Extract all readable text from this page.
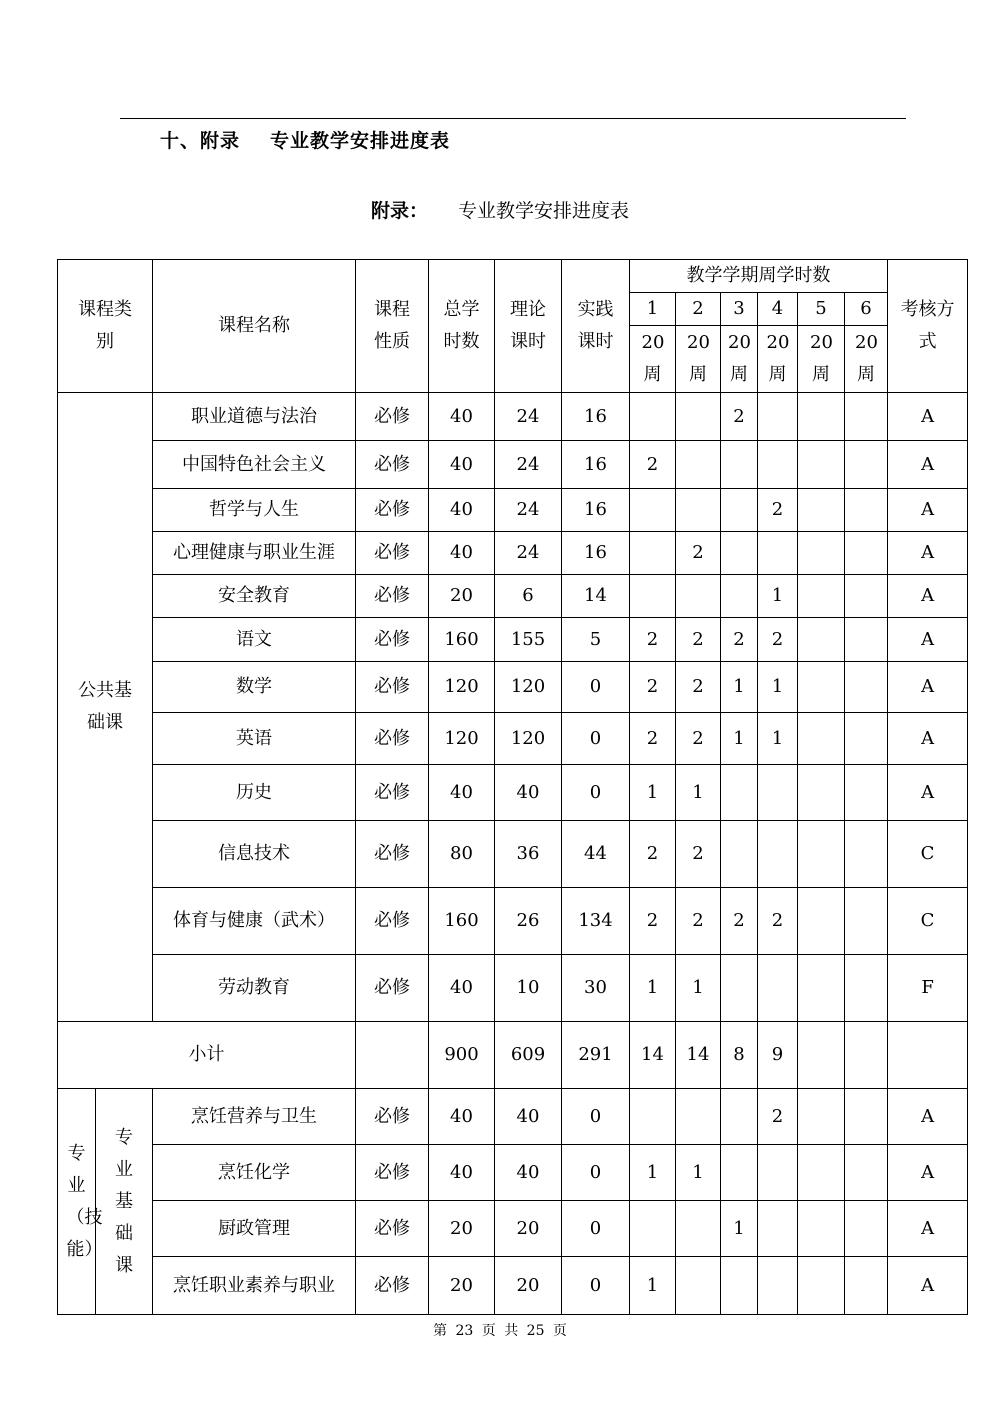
十、附录 专业教学安排进度表
附录： 专业教学安排进度表
课程类别		课程名称	课程性质	总学时数	理论课时	实践课时	教学学期周学时数						考核方式

							1	2	3	4	5	6	

							20周	20周	20周	20周	20周	20周	

公共基础课		职业道德与法治	必修	40	24	16			2				A
		中国特色社会主义	必修	40	24	16	2						A
		哲学与人生	必修	40	24	16				2			A
		心理健康与职业生涯	必修	40	24	16		2					A
		安全教育	必修	20	6	14				1			A
		语文	必修	160	155	5	2	2	2	2			A
		数学	必修	120	120	0	2	2	1	1			A
		英语	必修	120	120	0	2	2	1	1			A
		历史	必修	40	40	0	1	1					A
		信息技术	必修	80	36	44	2	2					C
		体育与健康（武术）	必修	160	26	134	2	2	2	2			C
		劳动教育	必修	40	10	30	1	1					F
小计				900	609	291	14	14	8	9			

专业（技能）	专业基础课	烹饪营养与卫生	必修	40	40	0				2			A
		烹饪化学	必修	40	40	0	1	1					A
		厨政管理	必修	20	20	0			1				A
		烹饪职业素养与职业	必修	20	20	0	1						A
第 23 页 共 25 页
